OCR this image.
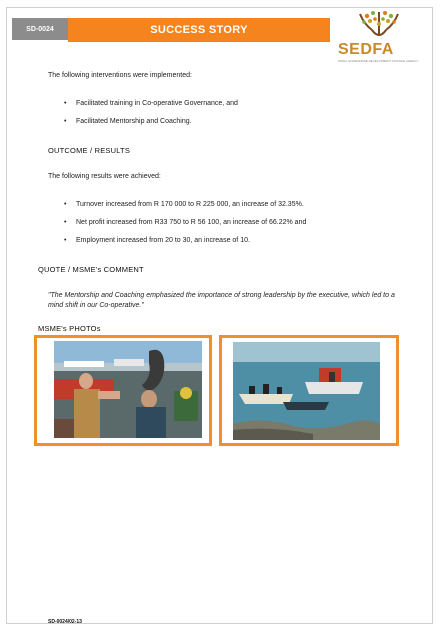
SD-0024	SUCCESS STORY
SEDFA
SMALL ENTERPRISE DEVELOPMENT FINANCE AGENCY
The following interventions were implemented:
• Facilitated training in Co-operative Governance, and
• Facilitated Mentorship and Coaching.
OUTCOME / RESULTS
The following results were achieved:
• Turnover increased from R 170 000 to R 225 000, an increase of 32.35%.
• Net profit increased from R33 750 to R 56 100, an increase of 66.22% and
• Employment increased from 20 to 30, an increase of 10.
QUOTE / MSME's COMMENT
"The Mentorship and Coaching emphasized the importance of strong leadership by the executive, which led to a mind shift in our Co-operative."
MSME's PHOTOs
SD-0024/02-13
